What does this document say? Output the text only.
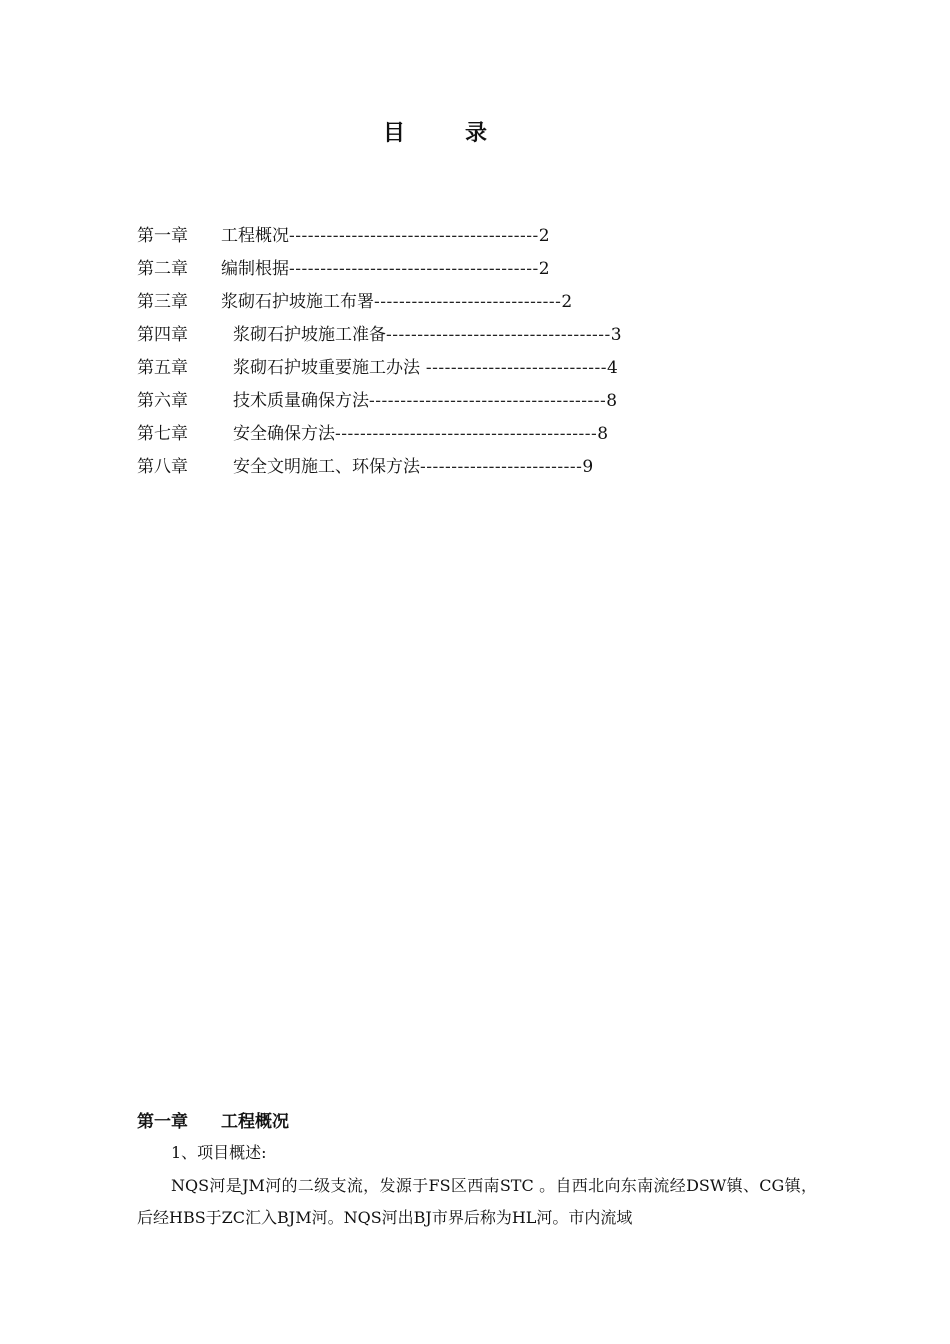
目	录
第一章 工程概况----------------------------------------2
第二章 编制根据----------------------------------------2
第三章 浆砌石护坡施工布署------------------------------2
第四章	浆砌石护坡施工准备------------------------------------3
第五章	浆砌石护坡重要施工办法 -----------------------------4
第六章	技术质量确保方法--------------------------------------8
第七章	安全确保方法------------------------------------------8
第八章	安全文明施工、环保方法--------------------------9
第一章 工程概况
1、项目概述:
NQS河是JM河的二级支流，发源于FS区西南STC 。自西北向东南流经DSW镇、CG镇，后经HBS于ZC汇入BJM河。NQS河出BJ市界后称为HL河。市内流域
